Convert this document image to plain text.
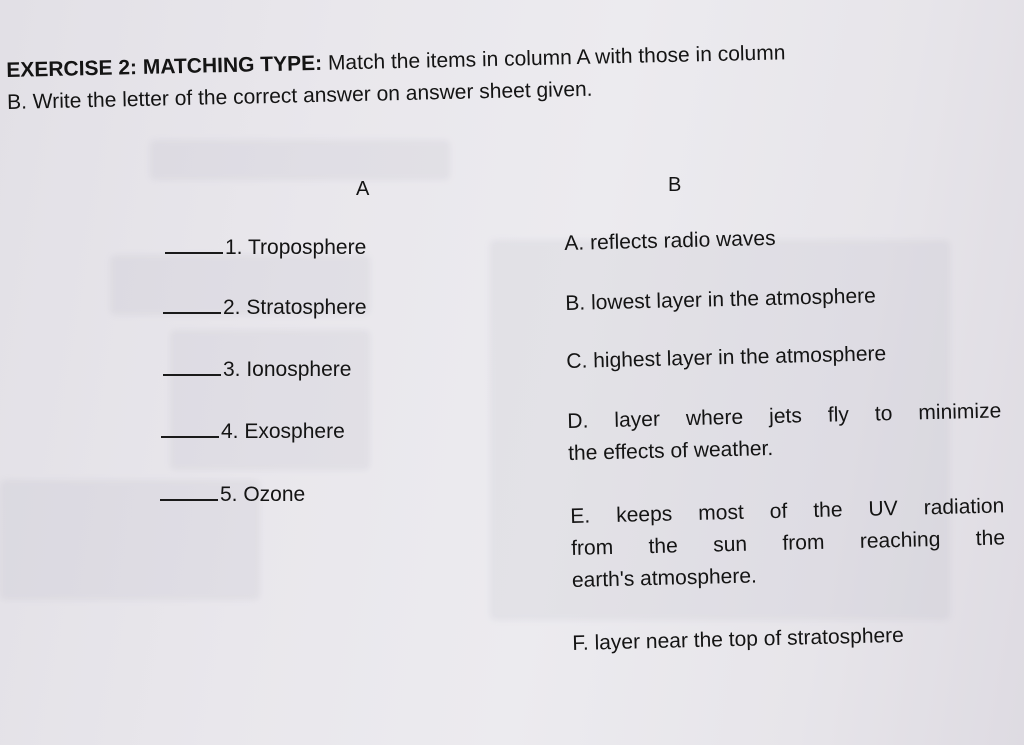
EXERCISE 2: MATCHING TYPE: Match the items in column A with those in column
B. Write the letter of the correct answer on answer sheet given.
A	B
1. Troposphere
2. Stratosphere
3. Ionosphere
4. Exosphere
5. Ozone
A. reflects radio waves
B. lowest layer in the atmosphere
C. highest layer in the atmosphere
D. layer where jets fly to minimize
the effects of weather.
E. keeps most of the UV radiation
from the sun from reaching the
earth's atmosphere.
F. layer near the top of stratosphere
